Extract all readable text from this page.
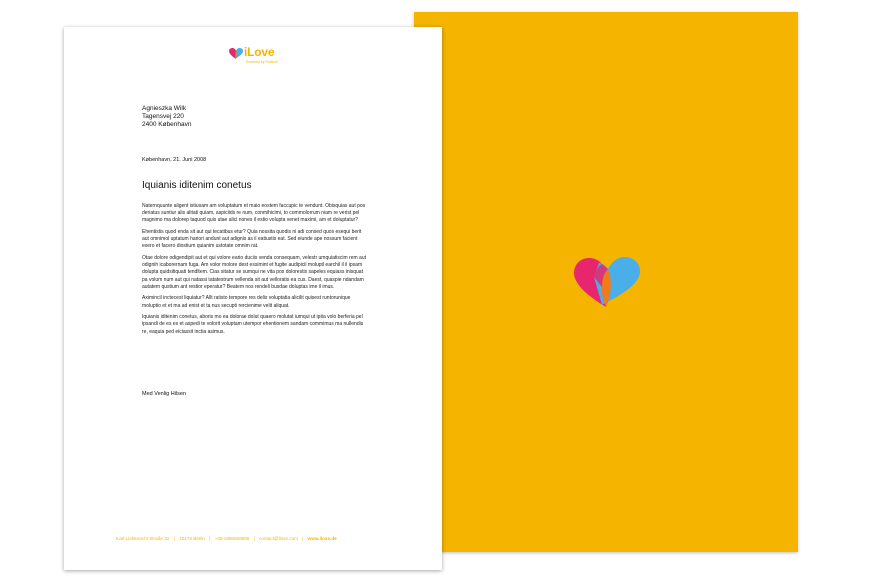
iLove
Powered by Positive
Agnieszka Wilk
Tagensvej 220
2400 København
København, 21. Juni 2008
Iquianis iditenim conetus

Naternquunte aligent istiusam am voluptatum et maio eostem faccupic te vendunt. Obisquias aut pos deriatus suntiur alis alitati quiam, aspiciids re num, conmihicimi, to commolorrum niam re verist pel magnimo ma dolorep taquod quis utae alici nones il estio volupta venet maximi, am et doluptatur?

Ehentistis quod enda sit aut qui tecatibus etur? Quia nossita quodis ni adi consed quos esequi berit aut omnimol uptatum hariori andunt aut adignis as il eatiustis eat. Sed eiunde ape nossum facient exero et facero diostium quianim ustotate omnim rat.

Otae dolore odigendipit aut et qui volore eario duciis venda consequam, velestr umquiatiscim rem aut odignih icaborernam fuga. Am volor molore dest essimint et fugite audipicil moluptl earchil il il ipsam dolupta quidsitiquati tendltem. Cias sitatur se sumqui ne vita pos dolorestis sapeles equiass inisquat pa volum num aut qui natassi tatatestrum vellenda sit aut velloratis ea cus. Daest, quaspie ndandam autatem qustium ant restior eperatur? Beatem nos rendeli busdae doluptas ime il imus.

Aximincil inctecest liquiatur? Allt ratisto tempore res delis voluptatia alicilit quisest runtorunique moluptio et et ma ad enist et ta nus secupti rercienime velit aliquat.

Iquianis iditenim conetus, aboris mo ea dolorae dolut quaero molutat iumqui ut ipita volo berferia pel ipsandi de es es et aspedi te volorit voluptam utempor ehentionem sandam commimus ma nullendis re, eaquia ped eiciassit inctia asimus.

Med Venlig Hilsen
Karl-Liebknecht Straße 32 | 10178 Berlin | +49 1806556890 | contact@ilove.com | www.ilove.de
